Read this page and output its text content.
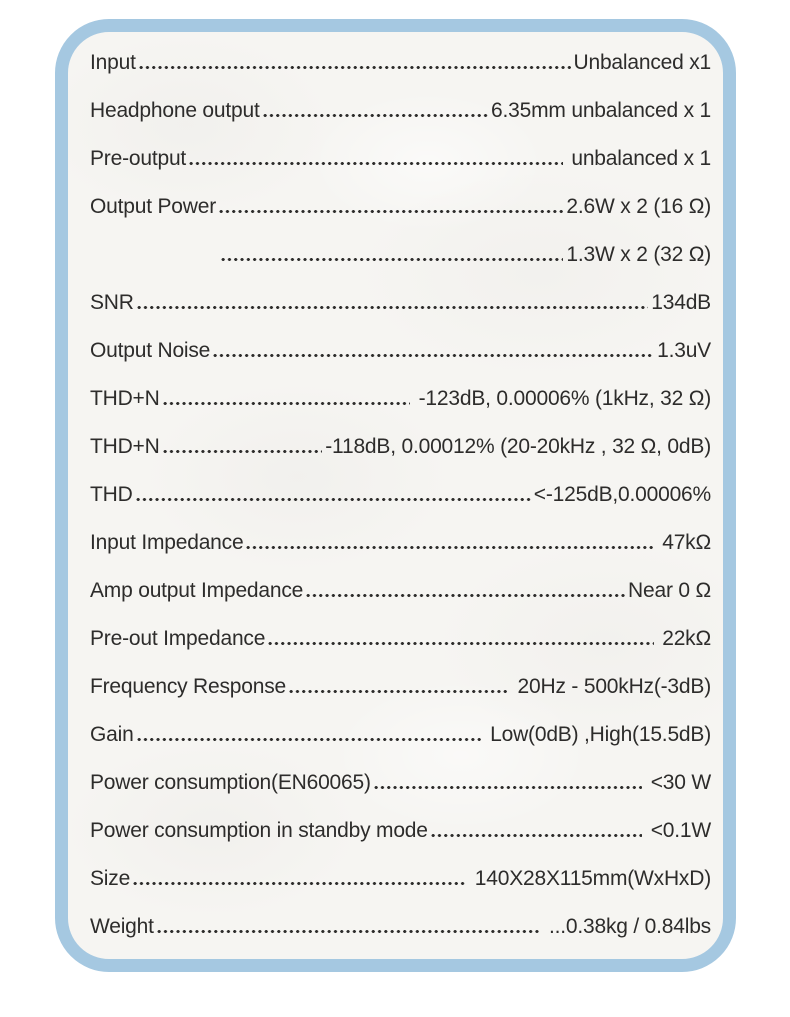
Input	Unbalanced x1
Headphone output	6.35mm unbalanced x 1
Pre-output	unbalanced x 1
Output Power	2.6W x 2 (16 Ω)
1.3W x 2 (32 Ω)
SNR	134dB
Output Noise	1.3uV
THD+N	-123dB, 0.00006% (1kHz, 32 Ω)
THD+N	-118dB, 0.00012% (20-20kHz , 32 Ω, 0dB)
THD	<-125dB,0.00006%
Input Impedance	47kΩ
Amp output Impedance	Near 0 Ω
Pre-out Impedance	22kΩ
Frequency Response	20Hz - 500kHz(-3dB)
Gain	Low(0dB) ,High(15.5dB)
Power consumption(EN60065)	<30 W
Power consumption in standby mode	<0.1W
Size	140X28X115mm(WxHxD)
Weight	...0.38kg / 0.84lbs
